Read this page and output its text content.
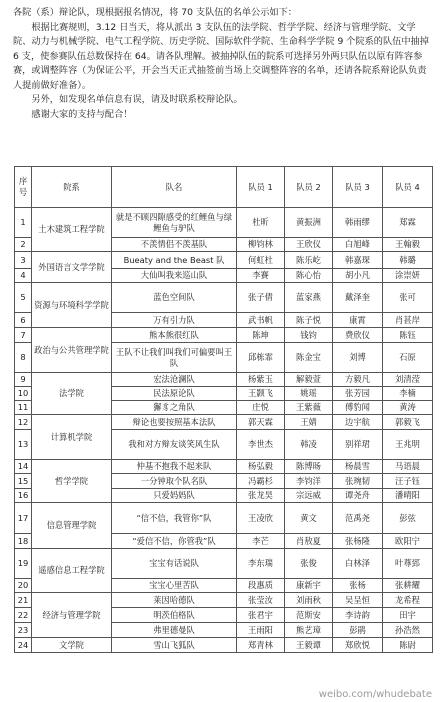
各院（系）辩论队，现根据报名情况，将 70 支队伍的名单公示如下：

根据比赛规则，3.12 日当天，将从派出 3 支队伍的法学院、哲学学院、经济与管理学院、文学院、动力与机械学院、电气工程学院、历史学院、国际软件学院、生命科学学院 9 个院系的队伍中抽掉 6 支，使参赛队伍总数保持在 64。请各队理解。被抽掉队伍的院系可选择另外两只队伍以原有阵容参赛，或调整阵容（为保证公平，开会当天正式抽签前当场上交调整阵容的名单，还请各院系辩论队负责人提前做好准备）。

另外，如发现名单信息有误，请及时联系校辩论队。

感谢大家的支持与配合！

序号	院系	队名	队员 1	队员 2	队员 3	队员 4
1	土木建筑工程学院	就是不顾四隙感受的红鲤鱼与绿鲤鱼与驴队	杜昕	黄振洲	韩雨缪	郑霖
2		不羡情侣不羡基队	柳钧林	王欣仪	白旭峰	王翰毅
3	外国语言文学学院	Bueaty and the Beast 队	何虹杜	陈乐屹	韩嘉琛	韩璐
4		大仙叫我来巡山队	李賽	陈心怡	胡小凡	涂崇妍
5	资源与环境科学学院	蓝色空间队	张子倩	蓝家燕	戴泽奎	张可
6		万有引力队	武书帆	陈子悦	康霄	肖甚岸
7	政治与公共管理学院	熊本熊很红队	陈坤	钱钧	费欣仪	陈钰
8		王队不让我们叫我们可偏要叫王队	邱栋霏	陈金宝	刘博	石原
9	法学院	宏法沧澜队	杨紫玉	解毅萱	方毅凡	刘清滢
10		民法原论队	王颢飞	姚瑶	张芳园	李楠
11		獬豸之角队	庄悦	王紫薇	傅豹闻	黄涛
12	计算机学院	辩论也要按照基本法队	郭天霖	王婧	边宇航	郭毅飞
13		我和对方辩友谈笑风生队	李世杰	韩凌	别祥珺	王兆明
14	哲学学院	仲基不抱我不起来队	杨弘毅	陈博旸	杨晨雪	马语晨
15		一分钟取个队名队	冯霸杉	李钧洋	张琬韧	汪子钰
16		只爱妈妈队	张龙昊	宗远威	谭尧舟	潘晴阳
17	信息管理学院	“信不信，我管你”队	王凌欣	黄文	范禹尧	彭弦
18		“爱信不信，你管我”队	李芒	肖敖夏	张杨隆	欧阳宁
19	遥感信息工程学院	宝宝有话说队	李东瑞	张俊	白林泽	叶尊郅
20		宝宝心里苦队	段惠质	康新宇	张杨	张耕耀
21	经济与管理学院	莱因哈德队	张莹汝	刘雨秋	吴呈恒	龙希程
22		明茨伯格队	张君宇	范斯安	李诗韵	田宇
23		弗里德曼队	王雨阳	熊艺璋	彭鹃	孙浩然
24	文学院	雪山飞狐队	郑青林	王毅谭	郑欣悦	陈尉
weibo.com/whudebate
